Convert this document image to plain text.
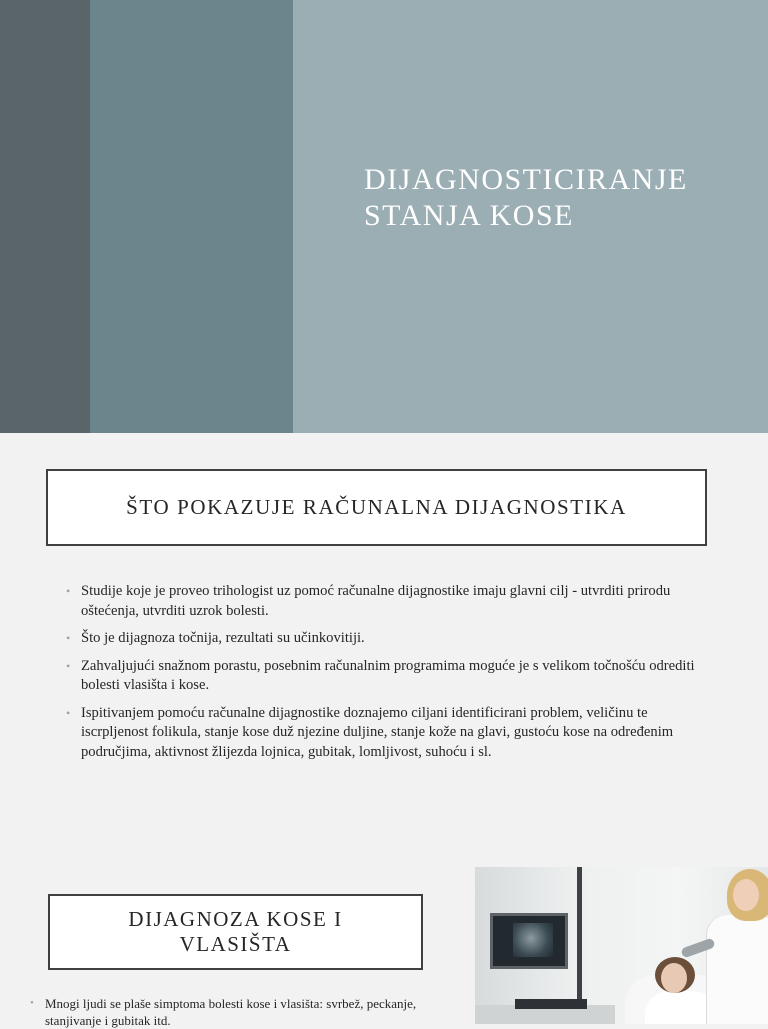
DIJAGNOSTICIRANJE STANJA KOSE
ŠTO POKAZUJE RAČUNALNA DIJAGNOSTIKA
• Studije koje je proveo trihologist uz pomoć računalne dijagnostike imaju glavni cilj - utvrditi prirodu oštećenja, utvrditi uzrok bolesti.
• Što je dijagnoza točnija, rezultati su učinkovitiji.
• Zahvaljujući snažnom porastu, posebnim računalnim programima moguće je s velikom točnošću odrediti bolesti vlasišta i kose.
• Ispitivanjem pomoću računalne dijagnostike doznajemo ciljani identificirani problem, veličinu te iscrpljenost folikula, stanje kose duž njezine duljine, stanje kože na glavi, gustoću kose na određenim područjima, aktivnost žlijezda lojnica, gubitak, lomljivost, suhoću i sl.
DIJAGNOZA KOSE I VLASIŠTA
• Mnogi ljudi se plaše simptoma bolesti kose i vlasišta: svrbež, peckanje, stanjivanje i gubitak itd.
